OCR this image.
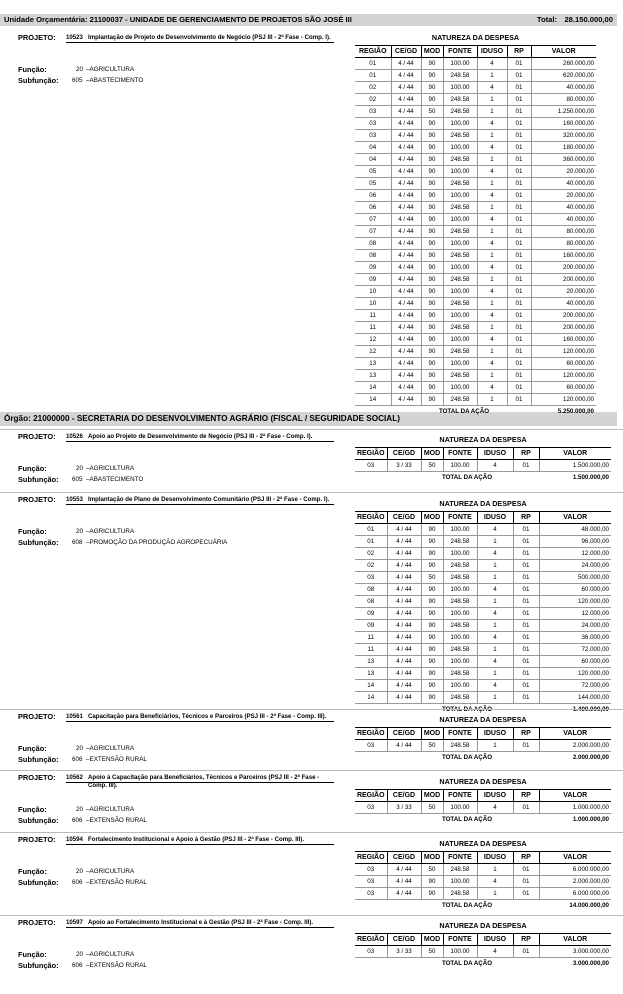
Unidade Orçamentária: 21100037 - UNIDADE DE GERENCIAMENTO DE PROJETOS SÃO JOSÉ III	Total: 28.150.000,00
Órgão: 21000000 - SECRETARIA DO DESENVOLVIMENTO AGRÁRIO (FISCAL / SEGURIDADE SOCIAL)
PROJETO: 10523 Implantação de Projeto de Desenvolvimento de Negócio (PSJ III - 2ª Fase - Comp. I).
Função:	20 –AGRICULTURA
Subfunção: 605 –ABASTECIMENTO
NATUREZA DA DESPESA
REGIÃO	CE/GD	MOD	FONTE	IDUSO	RP	VALOR
01	4 / 44	90	100.00	4	01	260.000,00
01	4 / 44	90	248.58	1	01	620.000,00
02	4 / 44	90	100.00	4	01	40.000,00
02	4 / 44	90	248.58	1	01	80.000,00
03	4 / 44	50	248.58	1	01	1.250.000,00
03	4 / 44	90	100.00	4	01	160.000,00
03	4 / 44	90	248.58	1	01	320.000,00
04	4 / 44	90	100.00	4	01	180.000,00
04	4 / 44	90	248.58	1	01	360.000,00
05	4 / 44	90	100.00	4	01	20.000,00
05	4 / 44	90	248.58	1	01	40.000,00
06	4 / 44	90	100.00	4	01	20.000,00
06	4 / 44	90	248.58	1	01	40.000,00
07	4 / 44	90	100.00	4	01	40.000,00
07	4 / 44	90	248.58	1	01	80.000,00
08	4 / 44	90	100.00	4	01	80.000,00
08	4 / 44	90	248.58	1	01	160.000,00
09	4 / 44	90	100.00	4	01	200.000,00
09	4 / 44	90	248.58	1	01	200.000,00
10	4 / 44	90	100.00	4	01	20.000,00
10	4 / 44	90	248.58	1	01	40.000,00
11	4 / 44	90	100.00	4	01	200.000,00
11	4 / 44	90	248.58	1	01	200.000,00
12	4 / 44	90	100.00	4	01	160.000,00
12	4 / 44	90	248.58	1	01	120.000,00
13	4 / 44	90	100.00	4	01	60.000,00
13	4 / 44	90	248.58	1	01	120.000,00
14	4 / 44	90	100.00	4	01	60.000,00
14	4 / 44	90	248.58	1	01	120.000,00
		TOTAL DA AÇÃO				5.250.000,00
PROJETO: 10526 Apoio ao Projeto de Desenvolvimento de Negócio (PSJ III - 2ª Fase - Comp. I).
Função:	20 –AGRICULTURA
Subfunção: 605 –ABASTECIMENTO
NATUREZA DA DESPESA
REGIÃO	CE/GD	MOD	FONTE	IDUSO	RP	VALOR
03	3 / 33	50	100.00	4	01	1.500.000,00
		TOTAL DA AÇÃO				1.500.000,00
PROJETO: 10553 Implantação de Plano de Desenvolvimento Comunitário (PSJ III - 2ª Fase - Comp. I).
Função:	20 –AGRICULTURA
Subfunção: 608 –PROMOÇÃO DA PRODUÇÃO AGROPECUÁRIA
NATUREZA DA DESPESA
REGIÃO	CE/GD	MOD	FONTE	IDUSO	RP	VALOR
01	4 / 44	90	100.00	4	01	48.000,00
01	4 / 44	90	248.58	1	01	96.000,00
02	4 / 44	90	100.00	4	01	12.000,00
02	4 / 44	90	248.58	1	01	24.000,00
03	4 / 44	50	248.58	1	01	500.000,00
08	4 / 44	90	100.00	4	01	60.000,00
08	4 / 44	90	248.58	1	01	120.000,00
09	4 / 44	90	100.00	4	01	12.000,00
09	4 / 44	90	248.58	1	01	24.000,00
11	4 / 44	90	100.00	4	01	36.000,00
11	4 / 44	90	248.58	1	01	72.000,00
13	4 / 44	90	100.00	4	01	60.000,00
13	4 / 44	90	248.58	1	01	120.000,00
14	4 / 44	90	100.00	4	01	72.000,00
14	4 / 44	90	248.58	1	01	144.000,00
		TOTAL DA AÇÃO				1.400.000,00
PROJETO: 10561 Capacitação para Beneficiários, Técnicos e Parceiros (PSJ III - 2ª Fase - Comp. III).
Função:	20 –AGRICULTURA
Subfunção: 606 –EXTENSÃO RURAL
NATUREZA DA DESPESA
REGIÃO	CE/GD	MOD	FONTE	IDUSO	RP	VALOR
03	4 / 44	50	248.58	1	01	2.000.000,00
		TOTAL DA AÇÃO				2.000.000,00
PROJETO: 10562 Apoio à Capacitação para Beneficiários, Técnicos e Parceiros (PSJ III - 2ª Fase - Comp. III).
Função:	20 –AGRICULTURA
Subfunção: 606 –EXTENSÃO RURAL
NATUREZA DA DESPESA
REGIÃO	CE/GD	MOD	FONTE	IDUSO	RP	VALOR
03	3 / 33	50	100.00	4	01	1.000.000,00
		TOTAL DA AÇÃO				1.000.000,00
PROJETO: 10594 Fortalecimento Institucional e Apoio à Gestão (PSJ III - 2ª Fase - Comp. III).
Função:	20 –AGRICULTURA
Subfunção: 606 –EXTENSÃO RURAL
NATUREZA DA DESPESA
REGIÃO	CE/GD	MOD	FONTE	IDUSO	RP	VALOR
03	4 / 44	50	248.58	1	01	6.000.000,00
03	4 / 44	90	100.00	4	01	2.000.000,00
03	4 / 44	90	248.58	1	01	6.000.000,00
		TOTAL DA AÇÃO				14.000.000,00
PROJETO: 10597 Apoio ao Fortalecimento Institucional e à Gestão (PSJ III - 2ª Fase - Comp. III).
Função:	20 –AGRICULTURA
Subfunção: 606 –EXTENSÃO RURAL
NATUREZA DA DESPESA
REGIÃO	CE/GD	MOD	FONTE	IDUSO	RP	VALOR
03	3 / 33	50	100.00	4	01	3.000.000,00
		TOTAL DA AÇÃO				3.000.000,00
